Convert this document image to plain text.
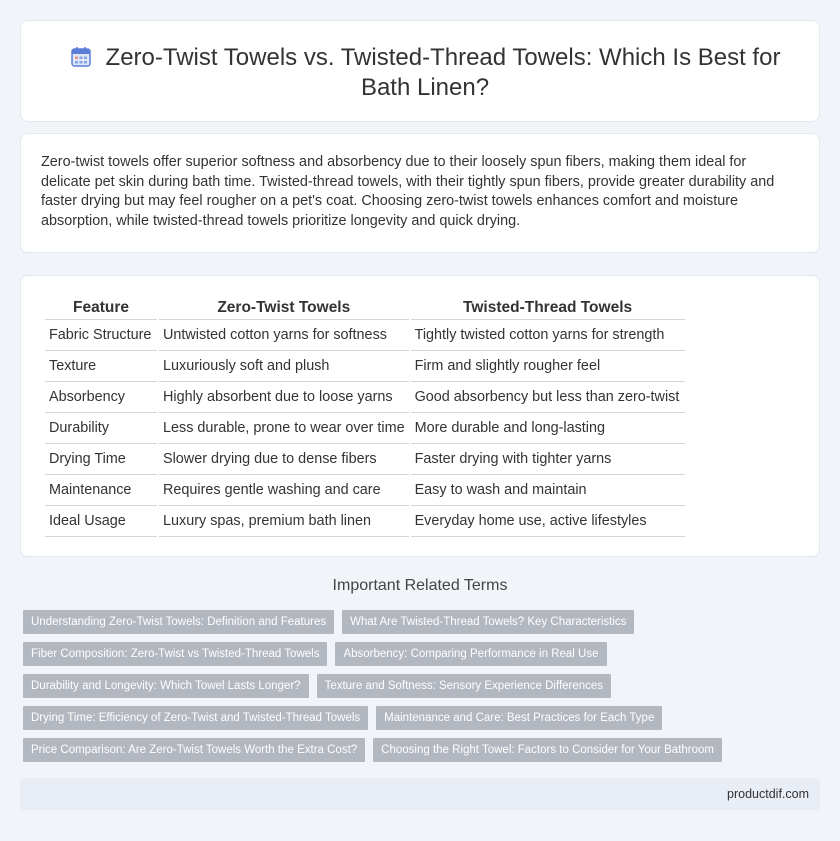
Zero-Twist Towels vs. Twisted-Thread Towels: Which Is Best for Bath Linen?

Zero-twist towels offer superior softness and absorbency due to their loosely spun fibers, making them ideal for delicate pet skin during bath time. Twisted-thread towels, with their tightly spun fibers, provide greater durability and faster drying but may feel rougher on a pet's coat. Choosing zero-twist towels enhances comfort and moisture absorption, while twisted-thread towels prioritize longevity and quick drying.

Feature	Zero-Twist Towels	Twisted-Thread Towels
Fabric Structure	Untwisted cotton yarns for softness	Tightly twisted cotton yarns for strength
Texture	Luxuriously soft and plush	Firm and slightly rougher feel
Absorbency	Highly absorbent due to loose yarns	Good absorbency but less than zero-twist
Durability	Less durable, prone to wear over time	More durable and long-lasting
Drying Time	Slower drying due to dense fibers	Faster drying with tighter yarns
Maintenance	Requires gentle washing and care	Easy to wash and maintain
Ideal Usage	Luxury spas, premium bath linen	Everyday home use, active lifestyles
Important Related Terms
Understanding Zero-Twist Towels: Definition and Features	What Are Twisted-Thread Towels? Key Characteristics
Fiber Composition: Zero-Twist vs Twisted-Thread Towels	Absorbency: Comparing Performance in Real Use
Durability and Longevity: Which Towel Lasts Longer?	Texture and Softness: Sensory Experience Differences
Drying Time: Efficiency of Zero-Twist and Twisted-Thread Towels	Maintenance and Care: Best Practices for Each Type
Price Comparison: Are Zero-Twist Towels Worth the Extra Cost?	Choosing the Right Towel: Factors to Consider for Your Bathroom
productdif.com
